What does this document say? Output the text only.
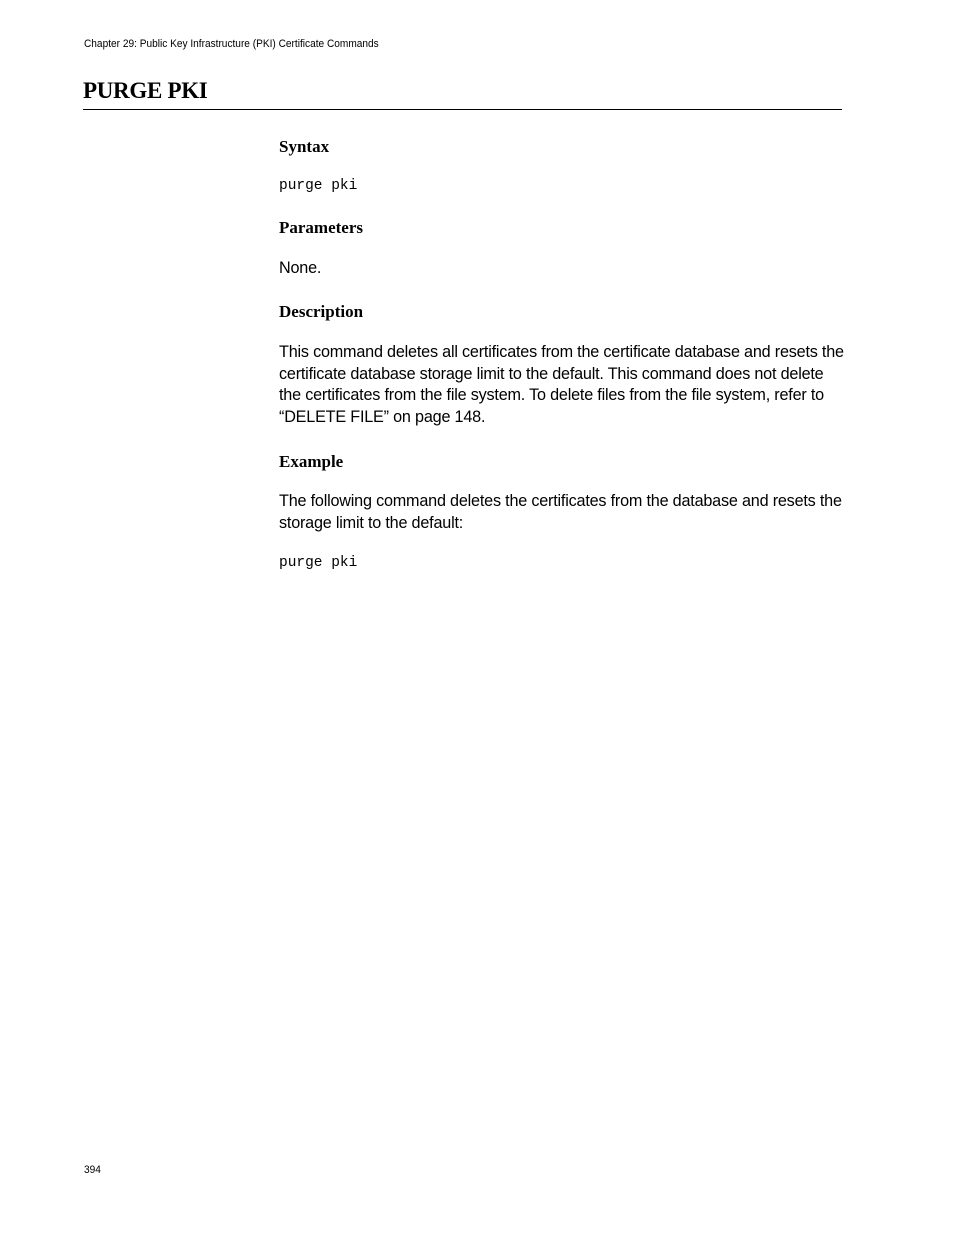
Chapter 29: Public Key Infrastructure (PKI) Certificate Commands
PURGE PKI
Syntax
purge pki
Parameters

None.

Description

This command deletes all certificates from the certificate database and resets the certificate database storage limit to the default. This command does not delete the certificates from the file system. To delete files from the file system, refer to “DELETE FILE” on page 148.

Example

The following command deletes the certificates from the database and resets the storage limit to the default:

purge pki
394
